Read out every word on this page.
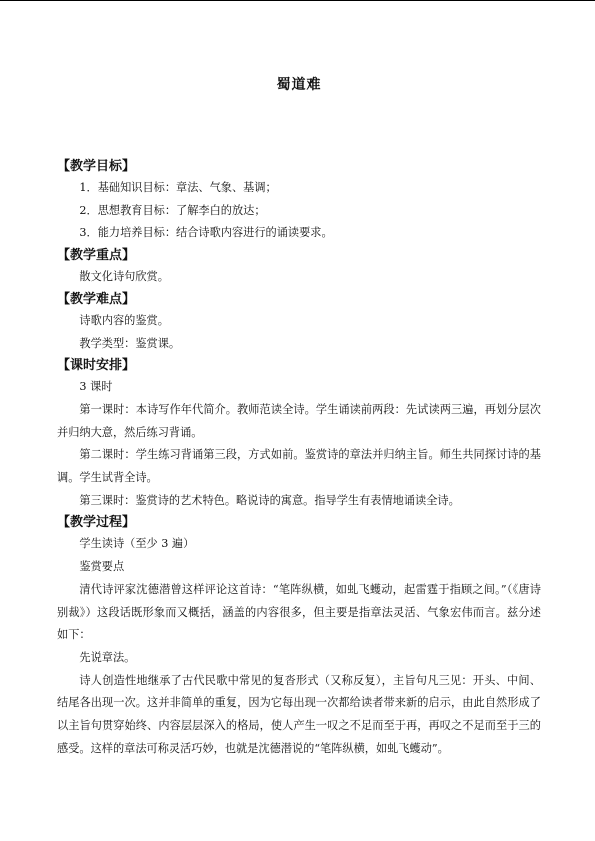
蜀道难

【教学目标】

1．基础知识目标：章法、气象、基调；

2．思想教育目标：了解李白的放达；

3．能力培养目标：结合诗歌内容进行的诵读要求。

【教学重点】

散文化诗句欣赏。

【教学难点】

诗歌内容的鉴赏。

教学类型：鉴赏课。

【课时安排】

3 课时

第一课时：本诗写作年代简介。教师范读全诗。学生诵读前两段：先试读两三遍，再划分层次并归纳大意，然后练习背诵。

第二课时：学生练习背诵第三段，方式如前。鉴赏诗的章法并归纳主旨。师生共同探讨诗的基调。学生试背全诗。

第三课时：鉴赏诗的艺术特色。略说诗的寓意。指导学生有表情地诵读全诗。

【教学过程】

学生读诗（至少 3 遍）

鉴赏要点

清代诗评家沈德潜曾这样评论这首诗：“笔阵纵横，如虬飞蠖动，起雷霆于指顾之间。”（《唐诗别裁》）这段话既形象而又概括，涵盖的内容很多，但主要是指章法灵活、气象宏伟而言。兹分述如下：

先说章法。

诗人创造性地继承了古代民歌中常见的复沓形式（又称反复），主旨句凡三见：开头、中间、结尾各出现一次。这并非简单的重复，因为它每出现一次都给读者带来新的启示，由此自然形成了以主旨句贯穿始终、内容层层深入的格局，使人产生一叹之不足而至于再，再叹之不足而至于三的感受。这样的章法可称灵活巧妙，也就是沈德潜说的“笔阵纵横，如虬飞蠖动”。
